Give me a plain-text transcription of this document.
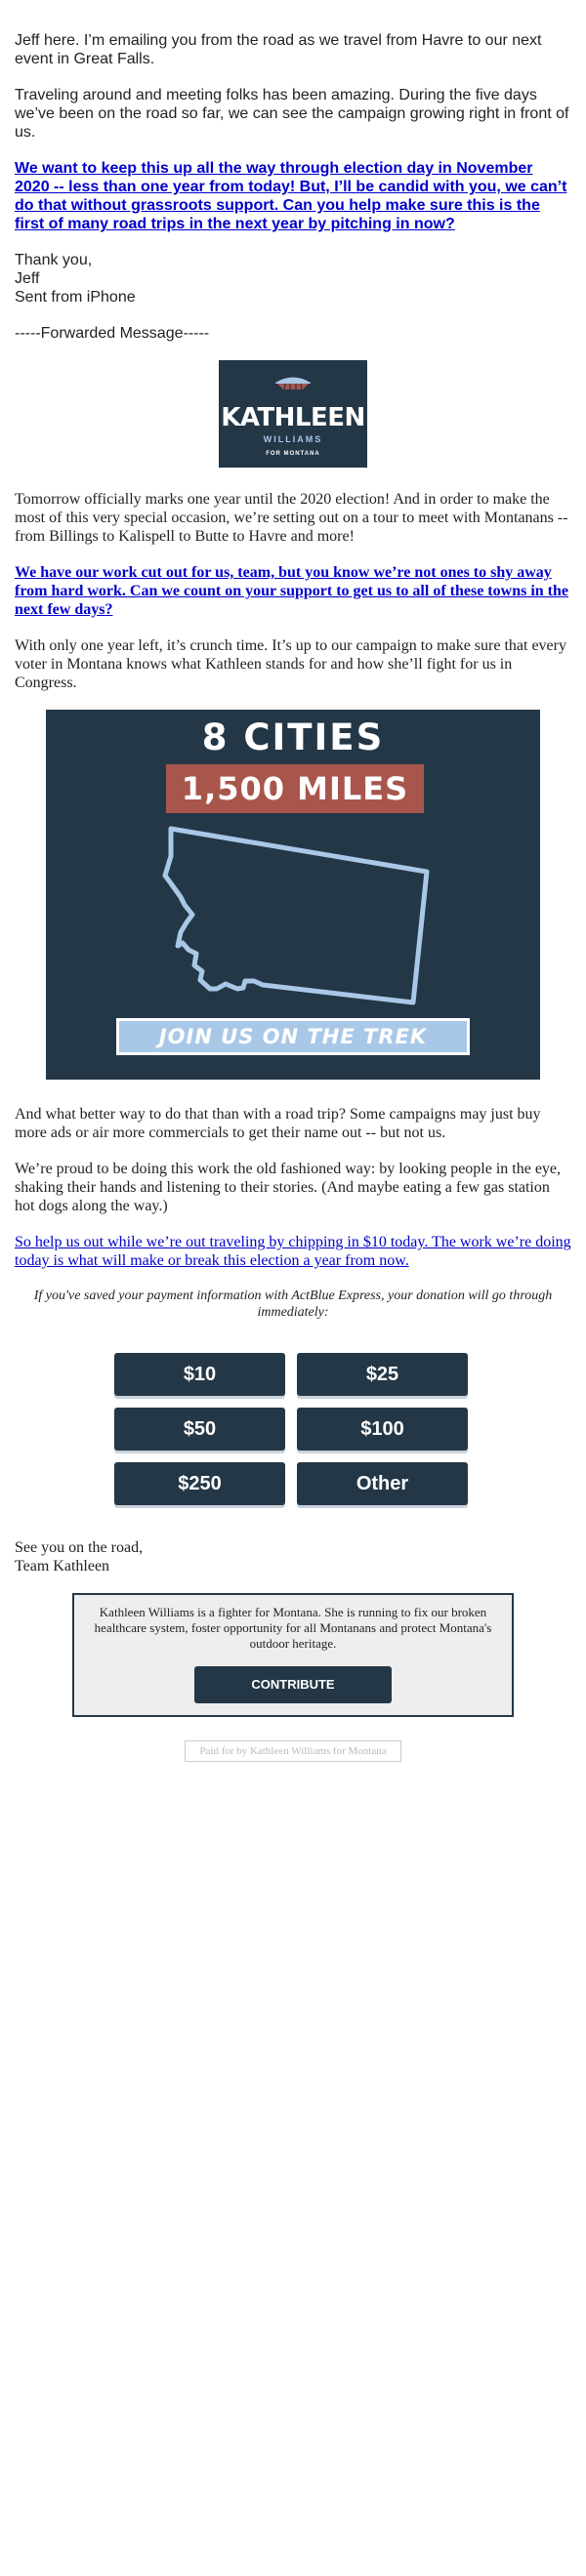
Jeff here. I’m emailing you from the road as we travel from Havre to our next event in Great Falls.

Traveling around and meeting folks has been amazing. During the five days we’ve been on the road so far, we can see the campaign growing right in front of us.

We want to keep this up all the way through election day in November 2020 -- less than one year from today! But, I’ll be candid with you, we can’t do that without grassroots support. Can you help make sure this is the first of many road trips in the next year by pitching in now?

Thank you,
Jeff
Sent from iPhone

-----Forwarded Message-----

KATHLEEN
WILLIAMS
FOR MONTANA

Tomorrow officially marks one year until the 2020 election! And in order to make the most of this very special occasion, we’re setting out on a tour to meet with Montanans -- from Billings to Kalispell to Butte to Havre and more!

We have our work cut out for us, team, but you know we’re not ones to shy away from hard work. Can we count on your support to get us to all of these towns in the next few days?

With only one year left, it’s crunch time. It’s up to our campaign to make sure that every voter in Montana knows what Kathleen stands for and how she’ll fight for us in Congress.

8 CITIES
1,500 MILES
JOIN US ON THE TREK

And what better way to do that than with a road trip? Some campaigns may just buy more ads or air more commercials to get their name out -- but not us.

We’re proud to be doing this work the old fashioned way: by looking people in the eye, shaking their hands and listening to their stories. (And maybe eating a few gas station hot dogs along the way.)

So help us out while we’re out traveling by chipping in $10 today. The work we’re doing today is what will make or break this election a year from now.

If you've saved your payment information with ActBlue Express, your donation will go through immediately:

$10	$25
$50	$100
$250	Other

See you on the road,
Team Kathleen

Kathleen Williams is a fighter for Montana. She is running to fix our broken healthcare system, foster opportunity for all Montanans and protect Montana's outdoor heritage.
CONTRIBUTE
Paid for by Kathleen Williams for Montana
